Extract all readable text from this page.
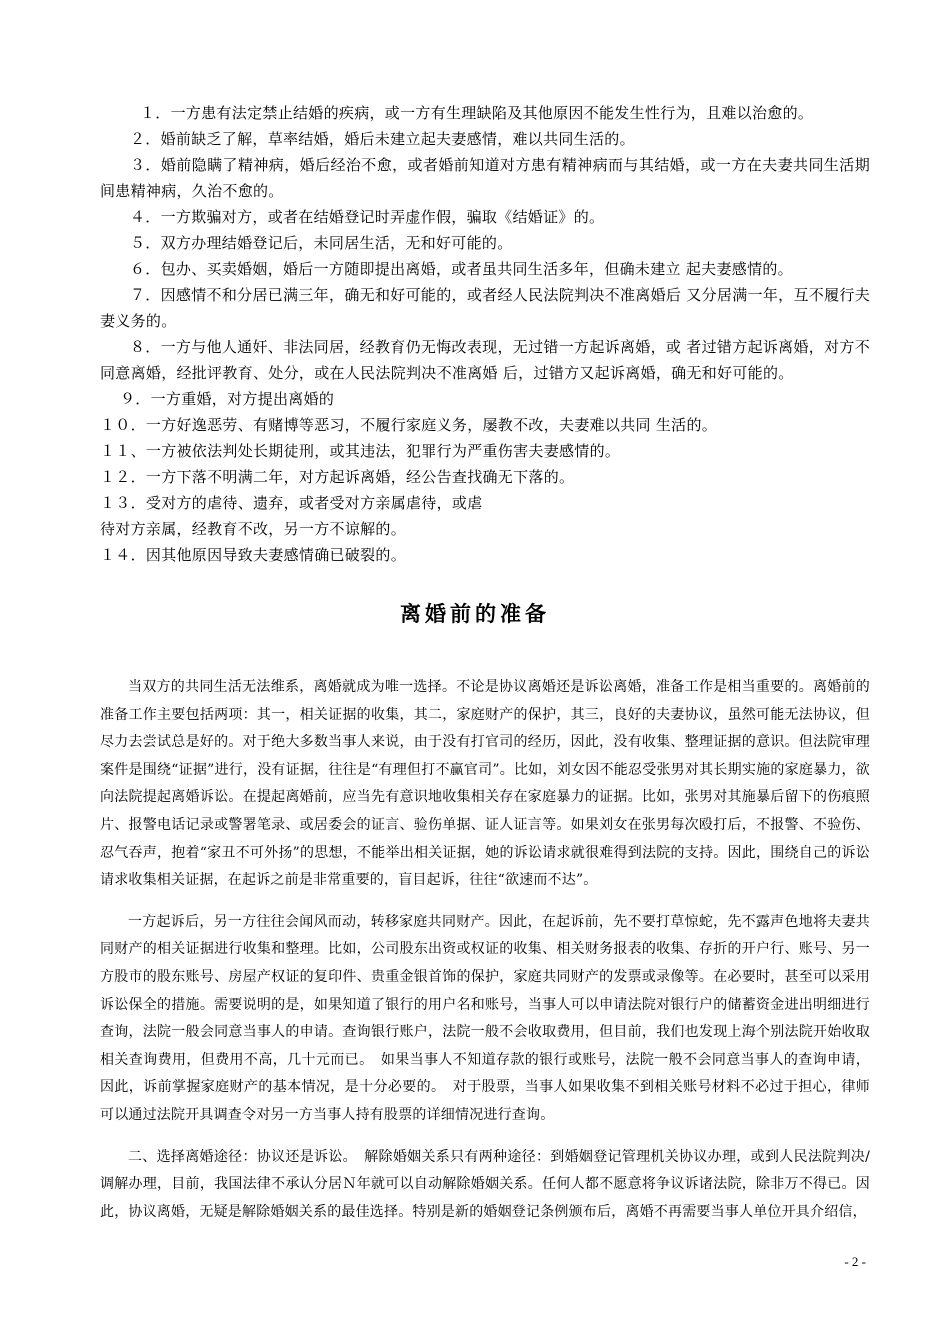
１．一方患有法定禁止结婚的疾病，或一方有生理缺陷及其他原因不能发生性行为，且难以治愈的。

２．婚前缺乏了解，草率结婚，婚后未建立起夫妻感情，难以共同生活的。

３．婚前隐瞒了精神病，婚后经治不愈，或者婚前知道对方患有精神病而与其结婚，或一方在夫妻共同生活期间患精神病，久治不愈的。

４．一方欺骗对方，或者在结婚登记时弄虚作假，骗取《结婚证》的。

５．双方办理结婚登记后，未同居生活，无和好可能的。

６．包办、买卖婚姻，婚后一方随即提出离婚，或者虽共同生活多年，但确未建立 起夫妻感情的。

７．因感情不和分居已满三年，确无和好可能的，或者经人民法院判决不准离婚后 又分居满一年，互不履行夫妻义务的。

８．一方与他人通奸、非法同居，经教育仍无悔改表现，无过错一方起诉离婚，或 者过错方起诉离婚，对方不同意离婚，经批评教育、处分，或在人民法院判决不准离婚 后，过错方又起诉离婚，确无和好可能的。

９．一方重婚，对方提出离婚的

１０．一方好逸恶劳、有赌博等恶习，不履行家庭义务，屡教不改，夫妻难以共同 生活的。

１１、一方被依法判处长期徒刑，或其违法，犯罪行为严重伤害夫妻感情的。

１２．一方下落不明满二年，对方起诉离婚，经公告查找确无下落的。

１３．受对方的虐待、遗弃，或者受对方亲属虐待，或虐

待对方亲属，经教育不改，另一方不谅解的。

１４．因其他原因导致夫妻感情确已破裂的。

离婚前的准备

当双方的共同生活无法维系，离婚就成为唯一选择。不论是协议离婚还是诉讼离婚，准备工作是相当重要的。离婚前的准备工作主要包括两项：其一，相关证据的收集，其二，家庭财产的保护，其三，良好的夫妻协议，虽然可能无法协议，但尽力去尝试总是好的。对于绝大多数当事人来说，由于没有打官司的经历，因此，没有收集、整理证据的意识。但法院审理案件是围绕“证据”进行，没有证据，往往是“有理但打不赢官司”。比如，刘女因不能忍受张男对其长期实施的家庭暴力，欲向法院提起离婚诉讼。在提起离婚前，应当先有意识地收集相关存在家庭暴力的证据。比如，张男对其施暴后留下的伤痕照片、报警电话记录或警署笔录、或居委会的证言、验伤单据、证人证言等。如果刘女在张男每次殴打后，不报警、不验伤、忍气吞声，抱着“家丑不可外扬”的思想，不能举出相关证据，她的诉讼请求就很难得到法院的支持。因此，围绕自己的诉讼请求收集相关证据，在起诉之前是非常重要的，盲目起诉，往往“欲速而不达”。

一方起诉后，另一方往往会闻风而动，转移家庭共同财产。因此，在起诉前，先不要打草惊蛇，先不露声色地将夫妻共同财产的相关证据进行收集和整理。比如，公司股东出资或权证的收集、相关财务报表的收集、存折的开户行、账号、另一方股市的股东账号、房屋产权证的复印件、贵重金银首饰的保护，家庭共同财产的发票或录像等。在必要时，甚至可以采用诉讼保全的措施。需要说明的是，如果知道了银行的用户名和账号，当事人可以申请法院对银行户的储蓄资金进出明细进行查询，法院一般会同意当事人的申请。查询银行账户，法院一般不会收取费用，但目前，我们也发现上海个别法院开始收取相关查询费用，但费用不高，几十元而已。　如果当事人不知道存款的银行或账号，法院一般不会同意当事人的查询申请，因此，诉前掌握家庭财产的基本情况，是十分必要的。　对于股票，当事人如果收集不到相关账号材料不必过于担心，律师可以通过法院开具调查令对另一方当事人持有股票的详细情况进行查询。

二、选择离婚途径：协议还是诉讼。　解除婚姻关系只有两种途径：到婚姻登记管理机关协议办理，或到人民法院判决/调解办理，目前，我国法律不承认分居Ｎ年就可以自动解除婚姻关系。任何人都不愿意将争议诉诸法院，除非万不得已。因此，协议离婚，无疑是解除婚姻关系的最佳选择。特别是新的婚姻登记条例颁布后，离婚不再需要当事人单位开具介绍信，

- 2 -
